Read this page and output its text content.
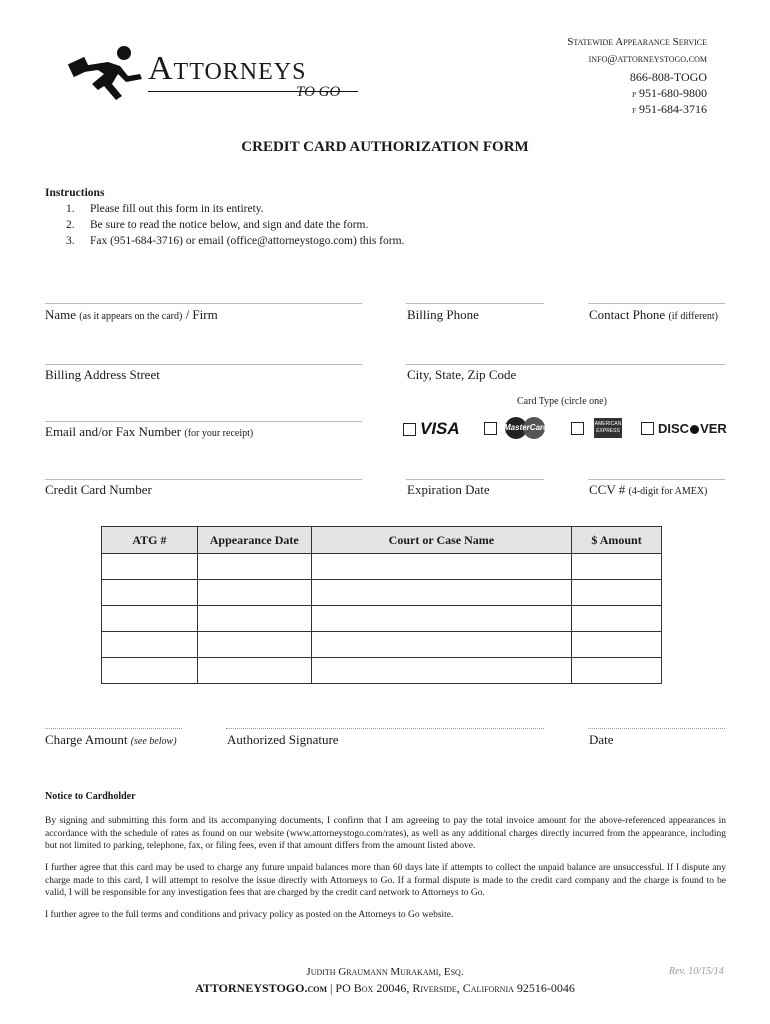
Attorneys
TO GO
Statewide Appearance Service
info@attorneystogo.com
866-808-TOGO
p 951-680-9800
f 951-684-3716
CREDIT CARD AUTHORIZATION FORM
Instructions
1. Please fill out this form in its entirety.
2. Be sure to read the notice below, and sign and date the form.
3. Fax (951-684-3716) or email (office@attorneystogo.com) this form.
Name (as it appears on the card) / Firm	Billing Phone	Contact Phone (if different)
Billing Address Street	City, State, Zip Code
Card Type (circle one)
VISA
	MasterCard
	AMERICAN
EXPRESS	DISC VER
Email and/or Fax Number (for your receipt)
Credit Card Number	Expiration Date	CCV # (4-digit for AMEX)
ATG #	Appearance Date	Court or Case Name	$ Amount

Charge Amount (see below)	Authorized Signature	Date
Notice to Cardholder
By signing and submitting this form and its accompanying documents, I confirm that I am agreeing to pay the total invoice amount for the above-referenced appearances in accordance with the schedule of rates as found on our website (www.attorneystogo.com/rates), as well as any additional charges directly incurred from the appearance, including but not limited to parking, telephone, fax, or filing fees, even if that amount differs from the amount listed above.
I further agree that this card may be used to charge any future unpaid balances more than 60 days late if attempts to collect the unpaid balance are unsuccessful. If I dispute any charge made to this card, I will attempt to resolve the issue directly with Attorneys to Go. If a formal dispute is made to the credit card company and the charge is found to be valid, I will be responsible for any investigation fees that are charged by the credit card network to Attorneys to Go.
I further agree to the full terms and conditions and privacy policy as posted on the Attorneys to Go website.
Judith Graumann Murakami, Esq.	Rev. 10/15/14
ATTORNEYSTOGO.com | PO Box 20046, Riverside, California 92516-0046
